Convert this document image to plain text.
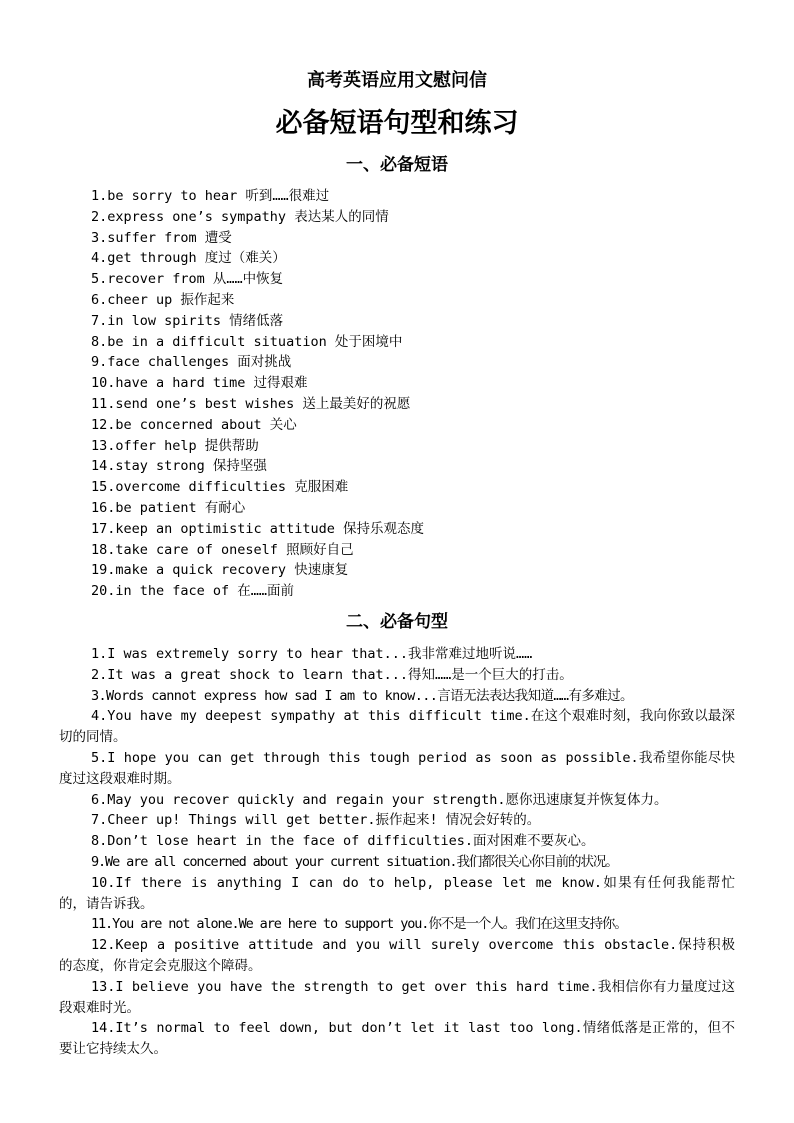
高考英语应用文慰问信
必备短语句型和练习
一、必备短语
1.be sorry to hear 听到……很难过
2.express one’s sympathy 表达某人的同情
3.suffer from 遭受
4.get through 度过（难关）
5.recover from 从……中恢复
6.cheer up 振作起来
7.in low spirits 情绪低落
8.be in a difficult situation 处于困境中
9.face challenges 面对挑战
10.have a hard time 过得艰难
11.send one’s best wishes 送上最美好的祝愿
12.be concerned about 关心
13.offer help 提供帮助
14.stay strong 保持坚强
15.overcome difficulties 克服困难
16.be patient 有耐心
17.keep an optimistic attitude 保持乐观态度
18.take care of oneself 照顾好自己
19.make a quick recovery 快速康复
20.in the face of 在……面前
二、必备句型
1.I was extremely sorry to hear that...我非常难过地听说……
2.It was a great shock to learn that...得知……是一个巨大的打击。
3.Words cannot express how sad I am to know...言语无法表达我知道……有多难过。
4.You have my deepest sympathy at this difficult time.在这个艰难时刻，我向你致以最深切的同情。
5.I hope you can get through this tough period as soon as possible.我希望你能尽快度过这段艰难时期。
6.May you recover quickly and regain your strength.愿你迅速康复并恢复体力。
7.Cheer up! Things will get better.振作起来! 情况会好转的。
8.Don’t lose heart in the face of difficulties.面对困难不要灰心。
9.We are all concerned about your current situation.我们都很关心你目前的状况。
10.If there is anything I can do to help, please let me know.如果有任何我能帮忙的，请告诉我。
11.You are not alone.We are here to support you.你不是一个人。我们在这里支持你。
12.Keep a positive attitude and you will surely overcome this obstacle.保持积极的态度，你肯定会克服这个障碍。
13.I believe you have the strength to get over this hard time.我相信你有力量度过这段艰难时光。
14.It’s normal to feel down, but don’t let it last too long.情绪低落是正常的，但不要让它持续太久。
